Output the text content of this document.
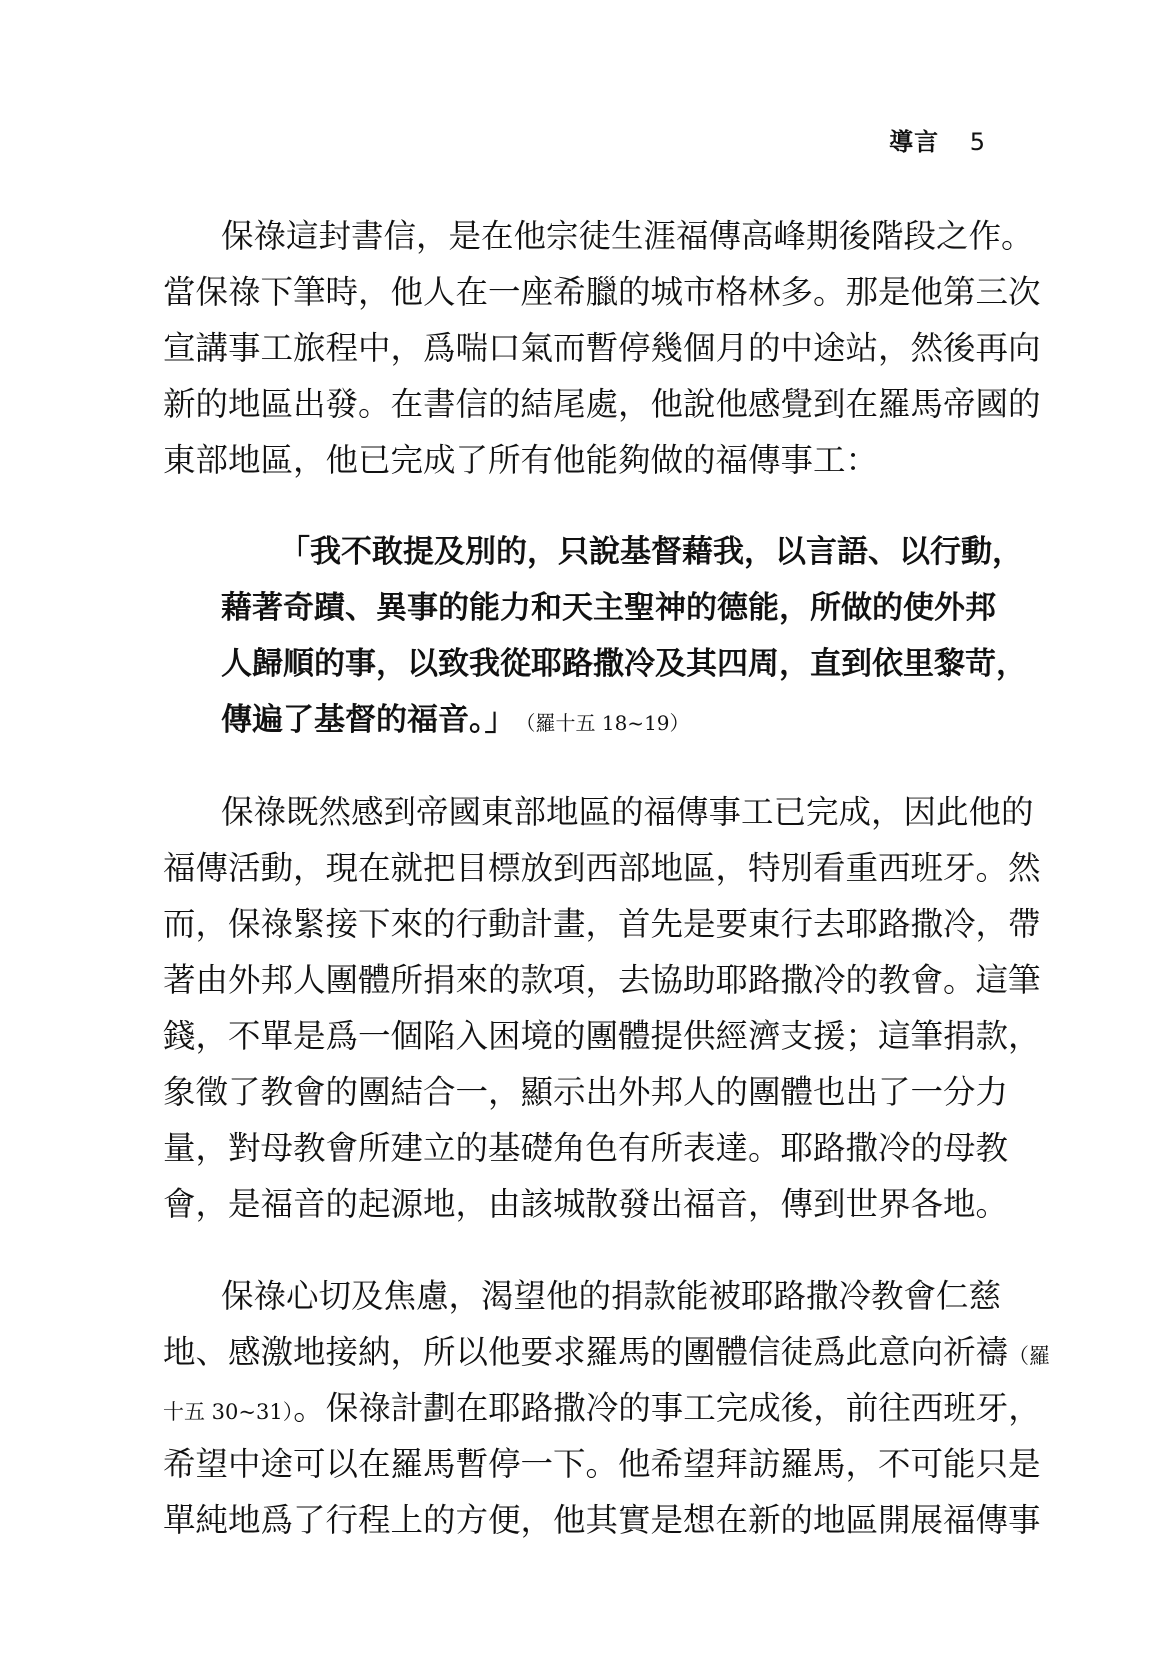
導言 5
保祿這封書信，是在他宗徒生涯福傳高峰期後階段之作。
當保祿下筆時，他人在一座希臘的城市格林多。那是他第三次
宣講事工旅程中，爲喘口氣而暫停幾個月的中途站，然後再向
新的地區出發。在書信的結尾處，他說他感覺到在羅馬帝國的
東部地區，他已完成了所有他能夠做的福傳事工：
「我不敢提及別的，只說基督藉我，以言語、以行動，
藉著奇蹟、異事的能力和天主聖神的德能，所做的使外邦
人歸順的事，以致我從耶路撒冷及其四周，直到依里黎苛，
傳遍了基督的福音。」 （羅十五 18~19）
保祿既然感到帝國東部地區的福傳事工已完成，因此他的
福傳活動，現在就把目標放到西部地區，特別看重西班牙。然
而，保祿緊接下來的行動計畫，首先是要東行去耶路撒冷，帶
著由外邦人團體所捐來的款項，去協助耶路撒冷的教會。這筆
錢，不單是爲一個陷入困境的團體提供經濟支援；這筆捐款，
象徵了教會的團結合一，顯示出外邦人的團體也出了一分力
量，對母教會所建立的基礎角色有所表達。耶路撒冷的母教
會，是福音的起源地，由該城散發出福音，傳到世界各地。
保祿心切及焦慮，渴望他的捐款能被耶路撒冷教會仁慈
地、感激地接納，所以他要求羅馬的團體信徒爲此意向祈禱（羅
十五 30~31）。保祿計劃在耶路撒冷的事工完成後，前往西班牙，
希望中途可以在羅馬暫停一下。他希望拜訪羅馬，不可能只是
單純地爲了行程上的方便，他其實是想在新的地區開展福傳事
